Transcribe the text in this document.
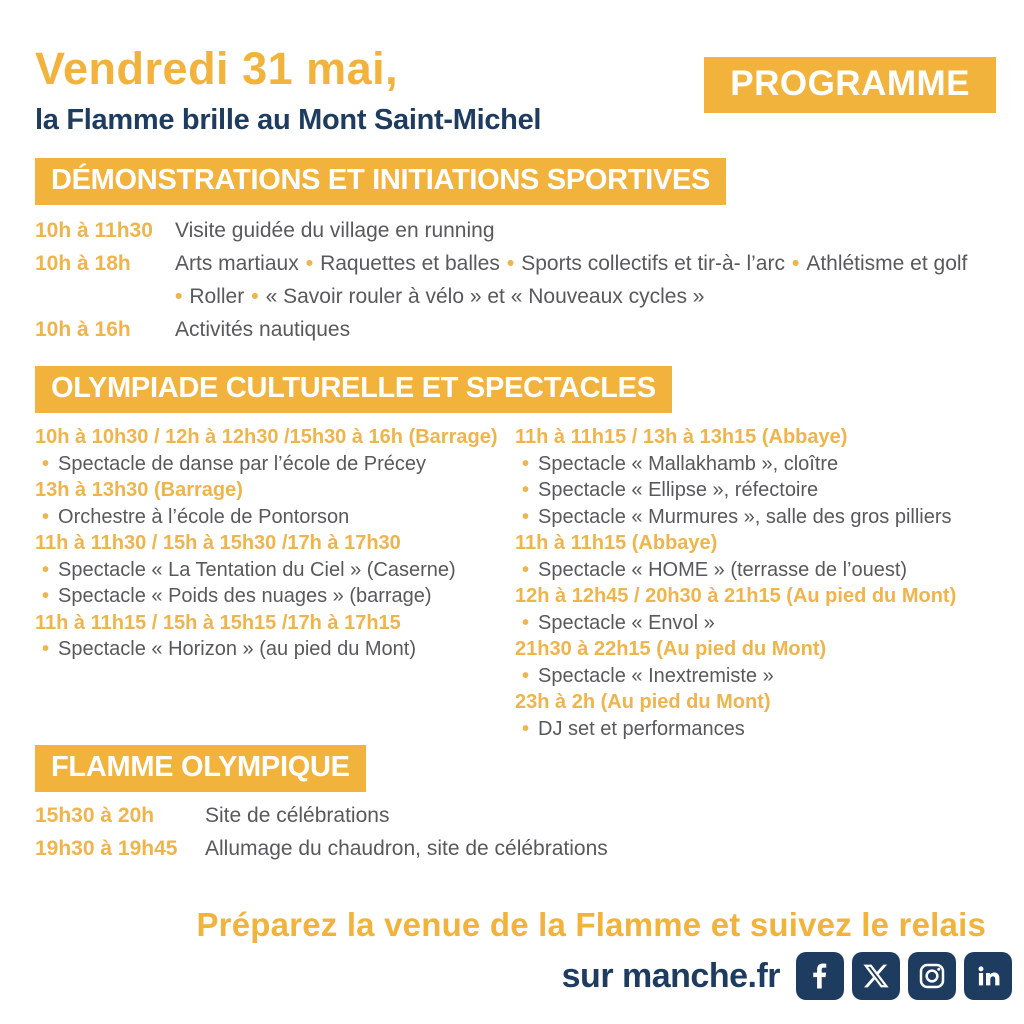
Vendredi 31 mai,
la Flamme brille au Mont Saint-Michel
PROGRAMME
DÉMONSTRATIONS ET INITIATIONS SPORTIVES
10h à 11h30	Visite guidée du village en running
10h à 18h	Arts martiaux • Raquettes et balles • Sports collectifs et tir-à- l’arc • Athlétisme et golf
• Roller • « Savoir rouler à vélo » et « Nouveaux cycles »
10h à 16h	Activités nautiques
OLYMPIADE CULTURELLE ET SPECTACLES
10h à 10h30 / 12h à 12h30 /15h30 à 16h (Barrage)
• Spectacle de danse par l’école de Précey
13h à 13h30 (Barrage)
• Orchestre à l’école de Pontorson
11h à 11h30 / 15h à 15h30 /17h à 17h30
• Spectacle « La Tentation du Ciel » (Caserne)
• Spectacle « Poids des nuages » (barrage)
11h à 11h15 / 15h à 15h15 /17h à 17h15
• Spectacle « Horizon » (au pied du Mont)
11h à 11h15 / 13h à 13h15 (Abbaye)
• Spectacle « Mallakhamb », cloître
• Spectacle « Ellipse », réfectoire
• Spectacle « Murmures », salle des gros pilliers
11h à 11h15 (Abbaye)
• Spectacle « HOME » (terrasse de l’ouest)
12h à 12h45 / 20h30 à 21h15 (Au pied du Mont)
• Spectacle « Envol »
21h30 à 22h15 (Au pied du Mont)
• Spectacle « Inextremiste »
23h à 2h (Au pied du Mont)
• DJ set et performances
FLAMME OLYMPIQUE
15h30 à 20h	Site de célébrations
19h30 à 19h45	Allumage du chaudron, site de célébrations
Préparez la venue de la Flamme et suivez le relais
sur manche.fr
